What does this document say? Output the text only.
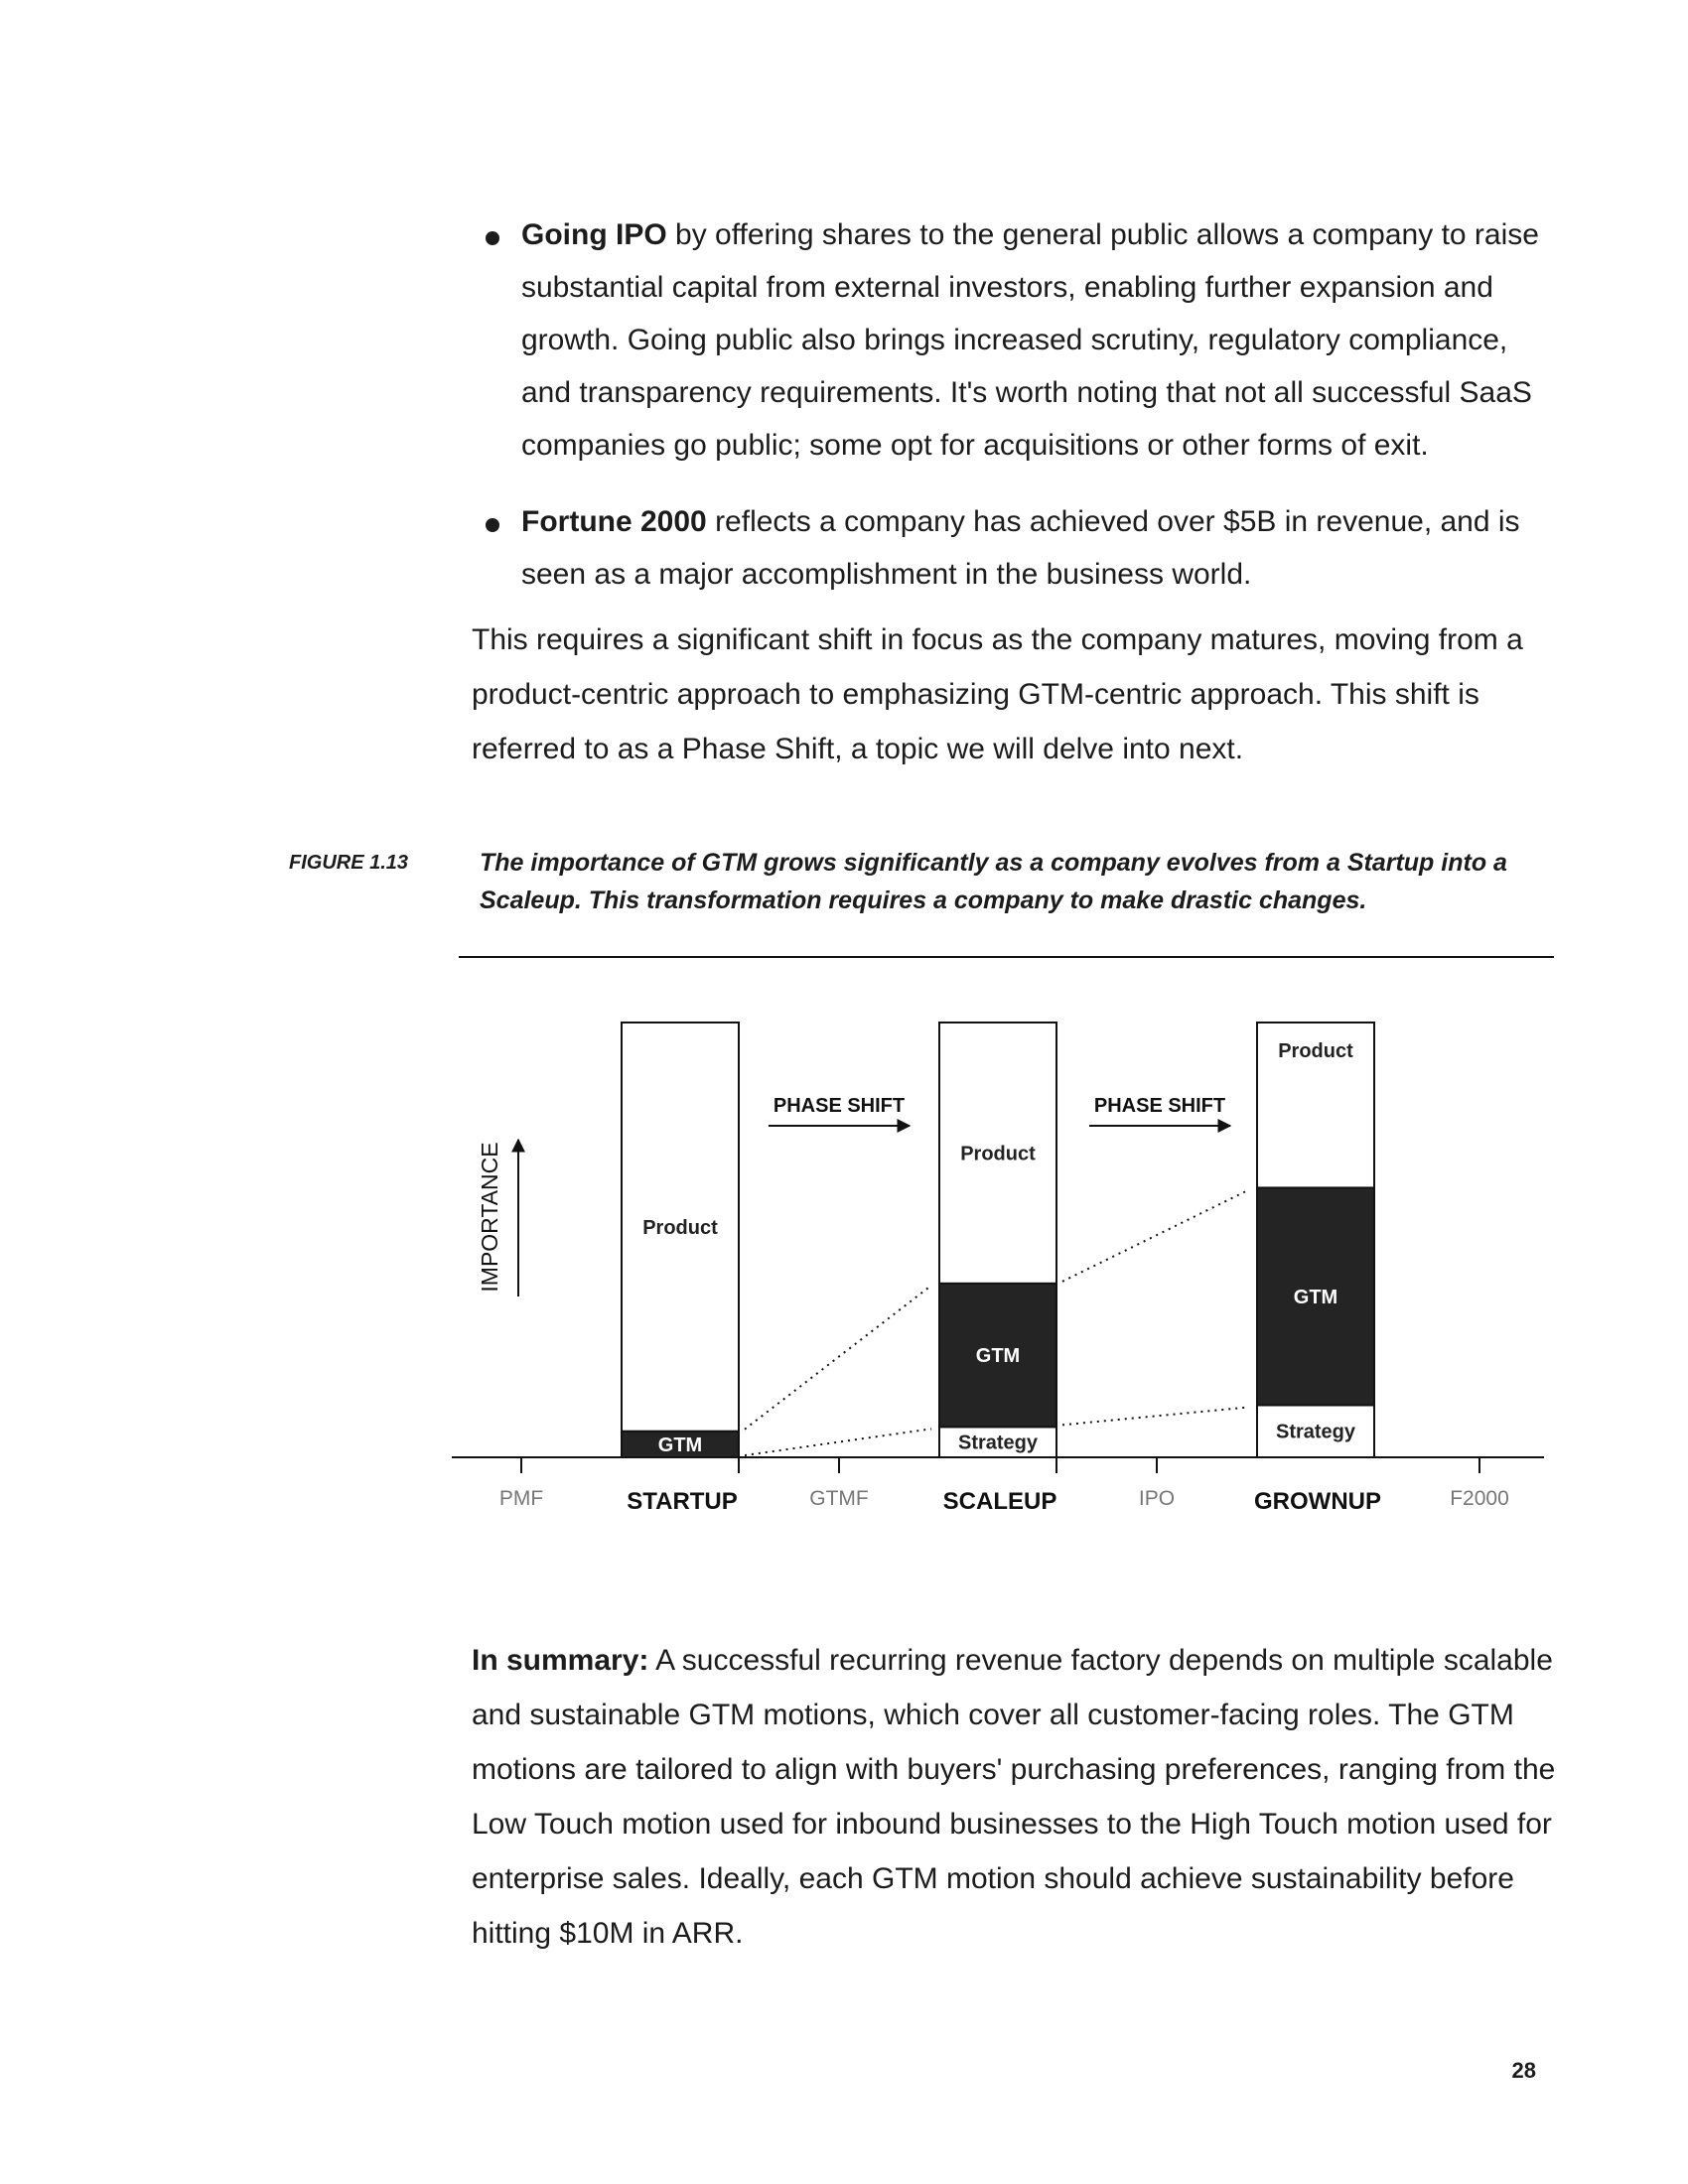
Going IPO by offering shares to the general public allows a company to raise substantial capital from external investors, enabling further expansion and growth. Going public also brings increased scrutiny, regulatory compliance, and transparency requirements. It's worth noting that not all successful SaaS companies go public; some opt for acquisitions or other forms of exit.
Fortune 2000 reflects a company has achieved over $5B in revenue, and is seen as a major accomplishment in the business world.

This requires a significant shift in focus as the company matures, moving from a product-centric approach to emphasizing GTM-centric approach. This shift is referred to as a Phase Shift, a topic we will delve into next.

FIGURE 1.13	The importance of GTM grows significantly as a company evolves from a Startup into a Scaleup. This transformation requires a company to make drastic changes.

PMF	GTMF	IPO	F2000
IMPORTANCE
GTM
Product
STARTUP
Strategy
GTM
Product
SCALEUP
Strategy
GTM
Product
GROWNUP
PHASE SHIFT	PHASE SHIFT

In summary: A successful recurring revenue factory depends on multiple scalable and sustainable GTM motions, which cover all customer-facing roles. The GTM motions are tailored to align with buyers' purchasing preferences, ranging from the Low Touch motion used for inbound businesses to the High Touch motion used for enterprise sales. Ideally, each GTM motion should achieve sustainability before hitting $10M in ARR.

28
